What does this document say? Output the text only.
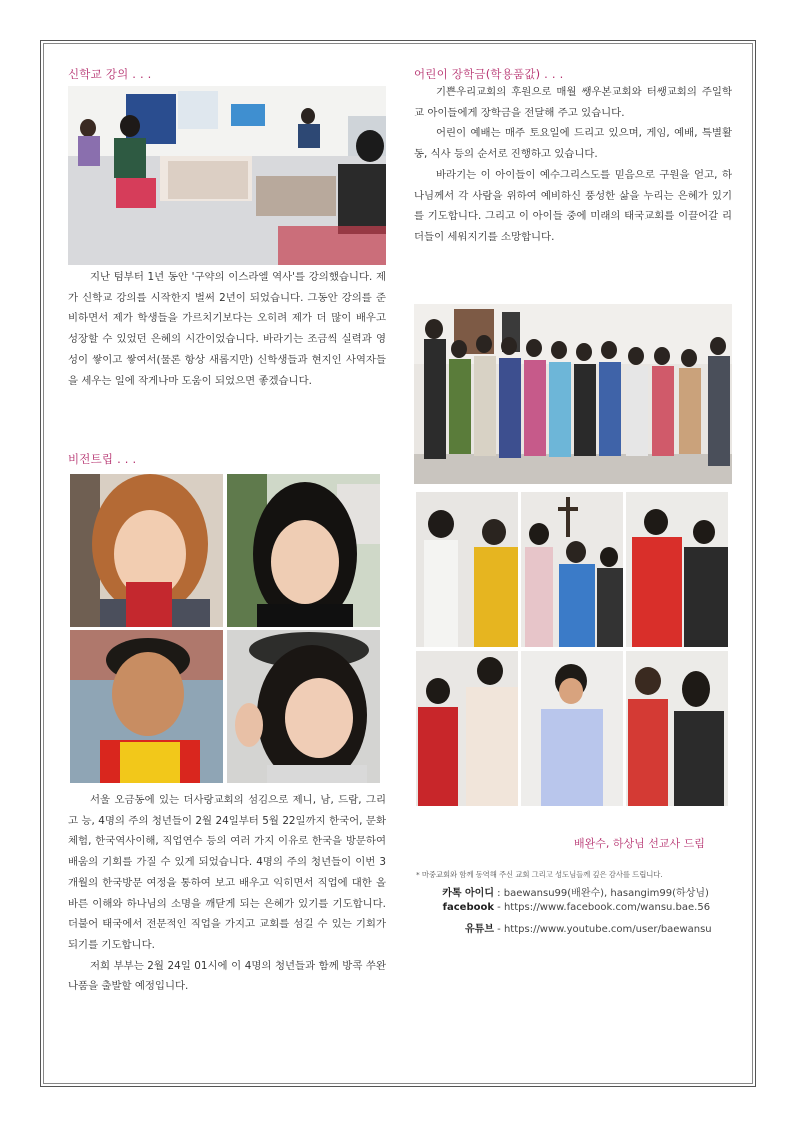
신학교 강의 . . .
지난 텀부터 1년 동안 '구약의 이스라엘 역사'를 강의했습니다. 제가 신학교 강의를 시작한지 벌써 2년이 되었습니다. 그동안 강의를 준비하면서 제가 학생들을 가르치기보다는 오히려 제가 더 많이 배우고 성장할 수 있었던 은혜의 시간이었습니다. 바라기는 조금씩 실력과 영성이 쌓이고 쌓여서(물론 항상 새롭지만) 신학생들과 현지인 사역자들을 세우는 일에 작게나마 도움이 되었으면 좋겠습니다.
비전트립 . . .
서울 오금동에 있는 더사랑교회의 섬김으로 제니, 남, 드람, 그리고 능, 4명의 주의 청년들이 2월 24일부터 5월 22일까지 한국어, 문화체험, 한국역사이해, 직업연수 등의 여러 가지 이유로 한국을 방문하여 배움의 기회를 가질 수 있게 되었습니다. 4명의 주의 청년들이 이번 3개월의 한국방문 여정을 통하여 보고 배우고 익히면서 직업에 대한 올바른 이해와 하나님의 소명을 깨닫게 되는 은혜가 있기를 기도합니다. 더불어 태국에서 전문적인 직업을 가지고 교회를 섬길 수 있는 기회가 되기를 기도합니다.
저희 부부는 2월 24일 01시에 이 4명의 청년들과 함께 방콕 쑤완나품을 출발할 예정입니다.
어린이 장학금(학용품값) . . .
기쁜우리교회의 후원으로 매월 쌩우본교회와 터쌩교회의 주일학교 아이들에게 장학금을 전달해 주고 있습니다.
어린이 예배는 매주 토요일에 드리고 있으며, 게임, 예배, 특별활동, 식사 등의 순서로 진행하고 있습니다.
바라기는 이 아이들이 예수그리스도를 믿음으로 구원을 얻고, 하나님께서 각 사람을 위하여 예비하신 풍성한 삶을 누리는 은혜가 있기를 기도합니다. 그리고 이 아이들 중에 미래의 태국교회를 이끌어갈 리더들이 세워지기를 소망합니다.
배완수, 하상님 선교사 드림
* 마중교회와 함께 동역해 주신 교회 그리고 성도님들께 깊은 감사를 드립니다.
카톡 아이디 : baewansu99(배완수), hasangim99(하상님)
facebook - https://www.facebook.com/wansu.bae.56
유튜브 - https://www.youtube.com/user/baewansu
